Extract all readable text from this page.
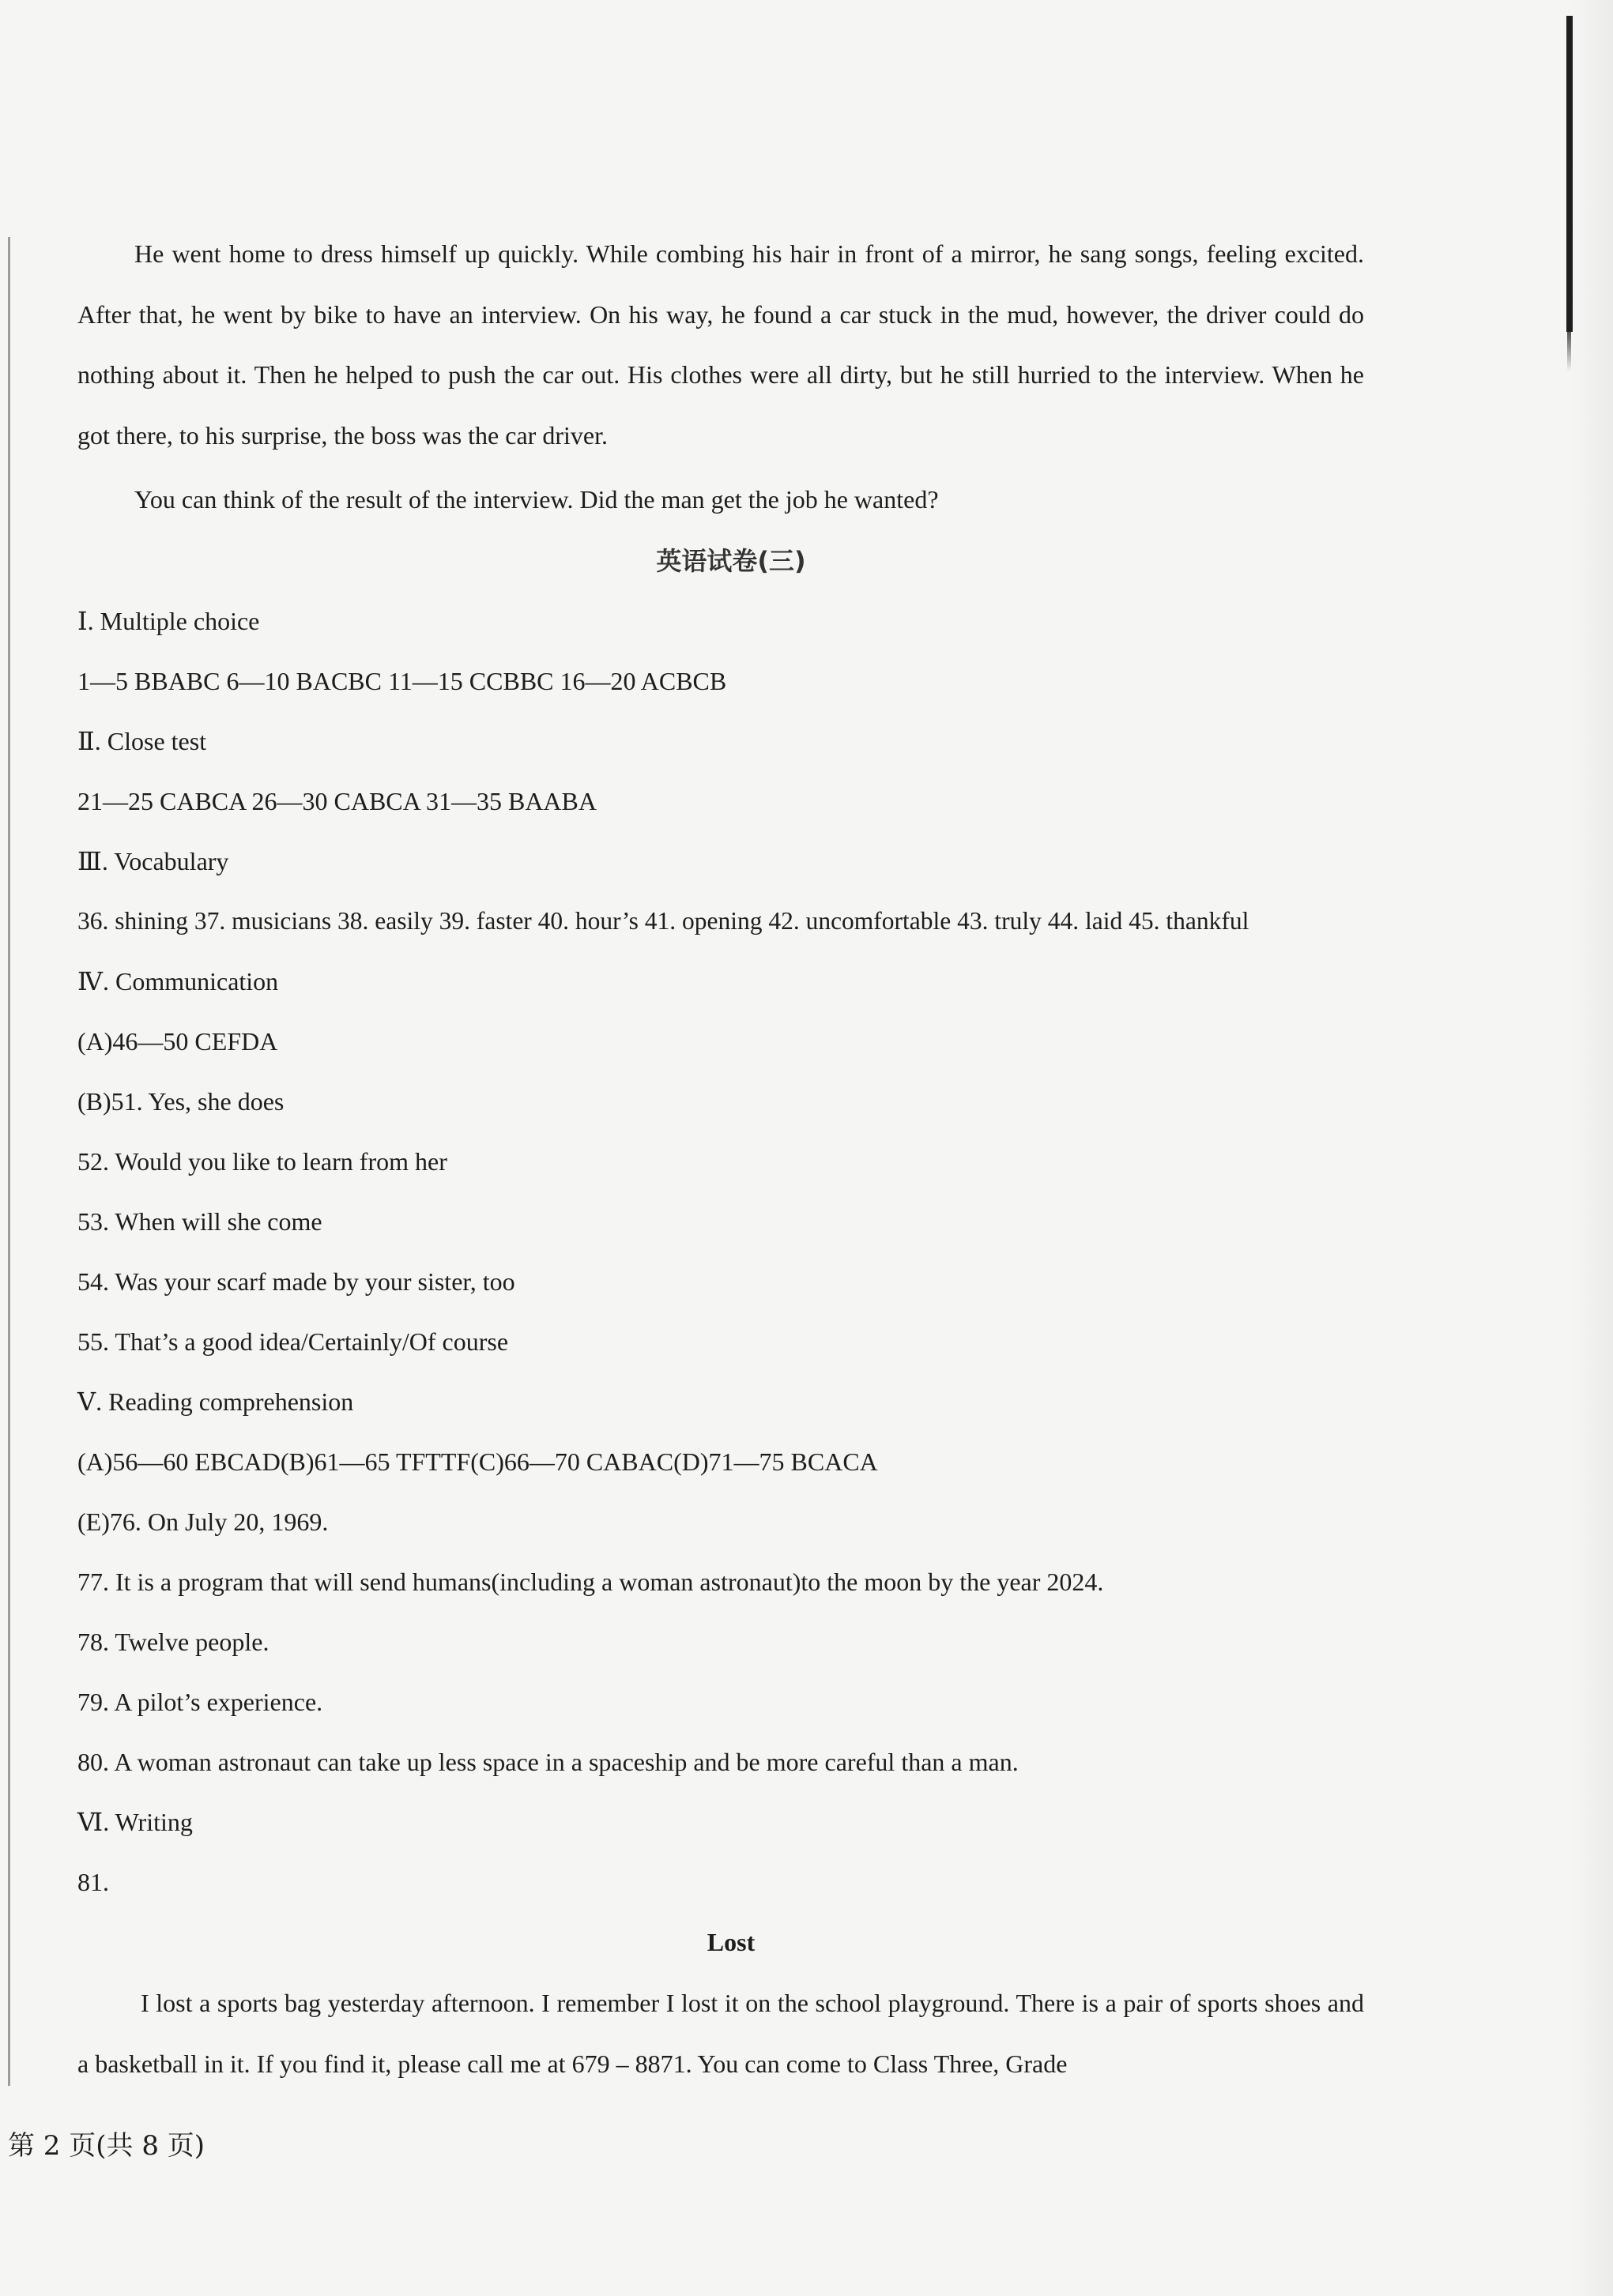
He went home to dress himself up quickly. While combing his hair in front of a mirror, he sang songs, feeling excited. After that, he went by bike to have an interview. On his way, he found a car stuck in the mud, however, the driver could do nothing about it. Then he helped to push the car out. His clothes were all dirty, but he still hurried to the interview. When he got there, to his surprise, the boss was the car driver.

You can think of the result of the interview. Did the man get the job he wanted?
英语试卷(三)
Ⅰ. Multiple choice
1—5 BBABC 6—10 BACBC 11—15 CCBBC 16—20 ACBCB
Ⅱ. Close test
21—25 CABCA 26—30 CABCA 31—35 BAABA
Ⅲ. Vocabulary
36. shining 37. musicians 38. easily 39. faster 40. hour’s 41. opening 42. uncomfortable 43. truly 44. laid 45. thankful
Ⅳ. Communication
(A)46—50 CEFDA
(B)51. Yes, she does
52. Would you like to learn from her
53. When will she come
54. Was your scarf made by your sister, too
55. That’s a good idea/Certainly/Of course
Ⅴ. Reading comprehension
(A)56—60 EBCAD(B)61—65 TFTTF(C)66—70 CABAC(D)71—75 BCACA
(E)76. On July 20, 1969.
77. It is a program that will send humans(including a woman astronaut)to the moon by the year 2024.
78. Twelve people.
79. A pilot’s experience.
80. A woman astronaut can take up less space in a spaceship and be more careful than a man.
Ⅵ. Writing
81.
Lost

I lost a sports bag yesterday afternoon. I remember I lost it on the school playground. There is a pair of sports shoes and a basketball in it. If you find it, please call me at 679 – 8871. You can come to Class Three, Grade

第 2 页(共 8 页)
